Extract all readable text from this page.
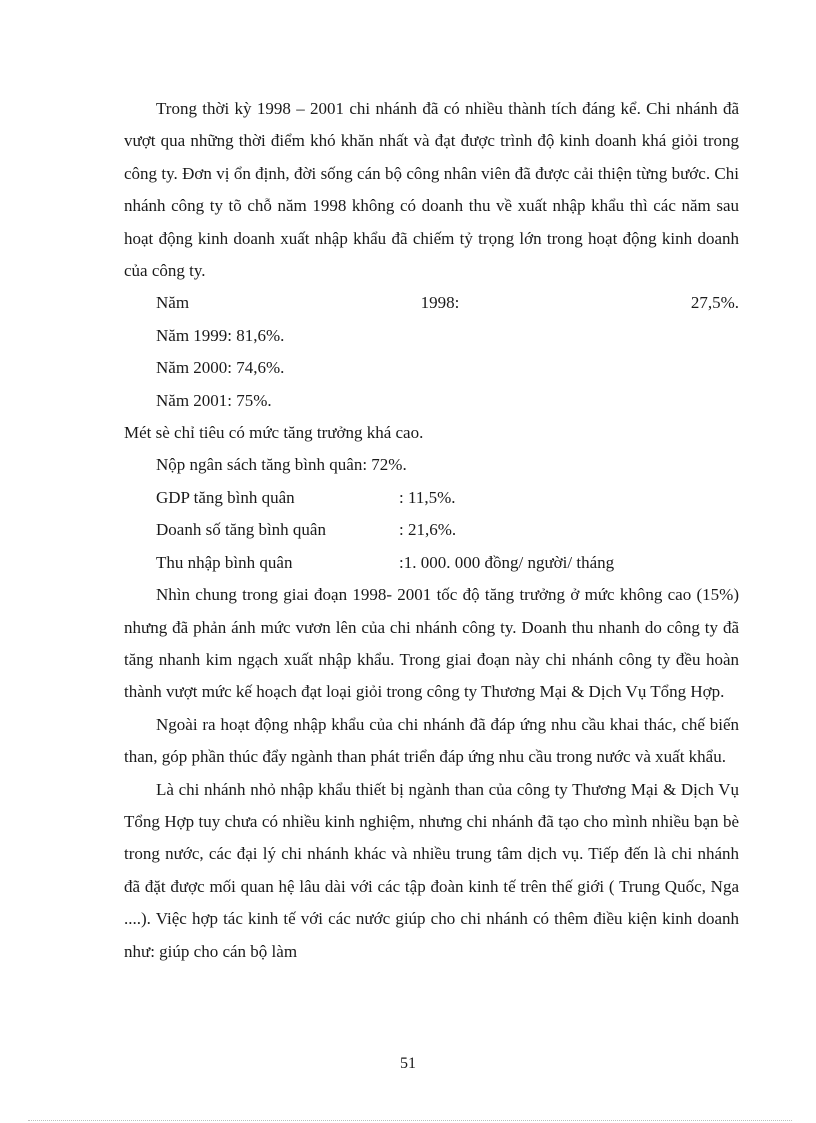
Trong thời kỳ 1998 – 2001 chi nhánh đã có nhiều thành tích đáng kể. Chi nhánh đã vượt qua những thời điểm khó khăn nhất và đạt được trình độ kinh doanh khá giỏi trong công ty. Đơn vị ổn định, đời sống cán bộ công nhân viên đã được cải thiện từng bước. Chi nhánh công ty tõ chỗ năm 1998 không có doanh thu về xuất nhập khẩu thì các năm sau hoạt động kinh doanh xuất nhập khẩu đã chiếm tỷ trọng lớn trong hoạt động kinh doanh của công ty.

Năm	1998:	27,5%.

Năm 1999: 81,6%.

Năm 2000: 74,6%.

Năm 2001: 75%.

Mét sè chỉ tiêu có mức tăng trưởng khá cao.

Nộp ngân sách tăng bình quân : 72%.
GDP tăng bình quân	: 11,5%.
Doanh số tăng bình quân	: 21,6%.
Thu nhập bình quân	:1. 000. 000 đồng/ người/ tháng

Nhìn chung trong giai đoạn 1998- 2001 tốc độ tăng trưởng ở mức không cao (15%) nhưng đã phản ánh mức vươn lên của chi nhánh công ty. Doanh thu nhanh do công ty đã tăng nhanh kim ngạch xuất nhập khẩu. Trong giai đoạn này chi nhánh công ty đều hoàn thành vượt mức kế hoạch đạt loại giỏi trong công ty Thương Mại & Dịch Vụ Tổng Hợp.

Ngoài ra hoạt động nhập khẩu của chi nhánh đã đáp ứng nhu cầu khai thác, chế biến than, góp phần thúc đẩy ngành than phát triển đáp ứng nhu cầu trong nước và xuất khẩu.

Là chi nhánh nhỏ nhập khẩu thiết bị ngành than của công ty Thương Mại & Dịch Vụ Tổng Hợp tuy chưa có nhiều kinh nghiệm, nhưng chi nhánh đã tạo cho mình nhiều bạn bè trong nước, các đại lý chi nhánh khác và nhiều trung tâm dịch vụ. Tiếp đến là chi nhánh đã đặt được mối quan hệ lâu dài với các tập đoàn kinh tế trên thế giới ( Trung Quốc, Nga ....). Việc hợp tác kinh tế với các nước giúp cho chi nhánh có thêm điều kiện kinh doanh như: giúp cho cán bộ làm

51
